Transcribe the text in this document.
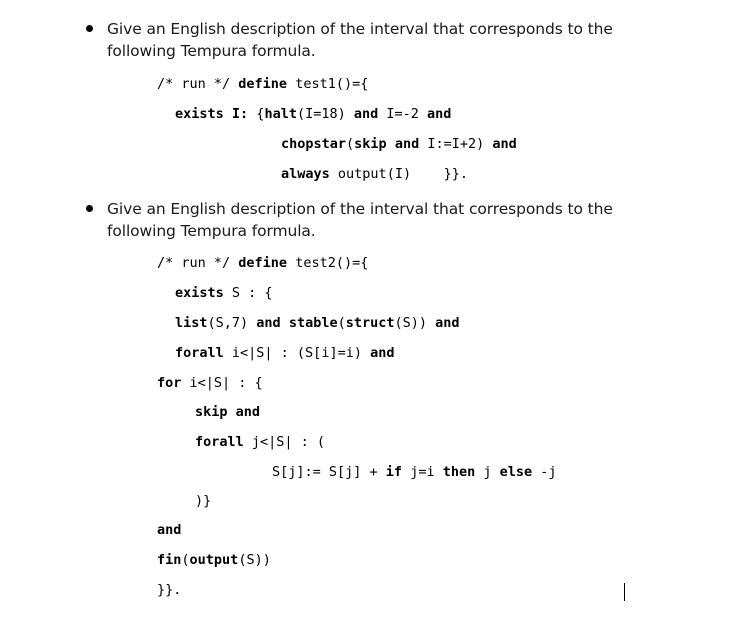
Give an English description of the interval that corresponds to the
following Tempura formula.
/* run */ define test1()={
exists I: {halt(I=18) and I=-2 and
chopstar(skip and I:=I+2) and
always output(I)    }}.
Give an English description of the interval that corresponds to the
following Tempura formula.
/* run */ define test2()={
exists S : {
list(S,7) and stable(struct(S)) and
forall i<|S| : (S[i]=i) and
for i<|S| : {
skip and
forall j<|S| : (
S[j]:= S[j] + if j=i then j else -j
)}
and
fin(output(S))
}}.
